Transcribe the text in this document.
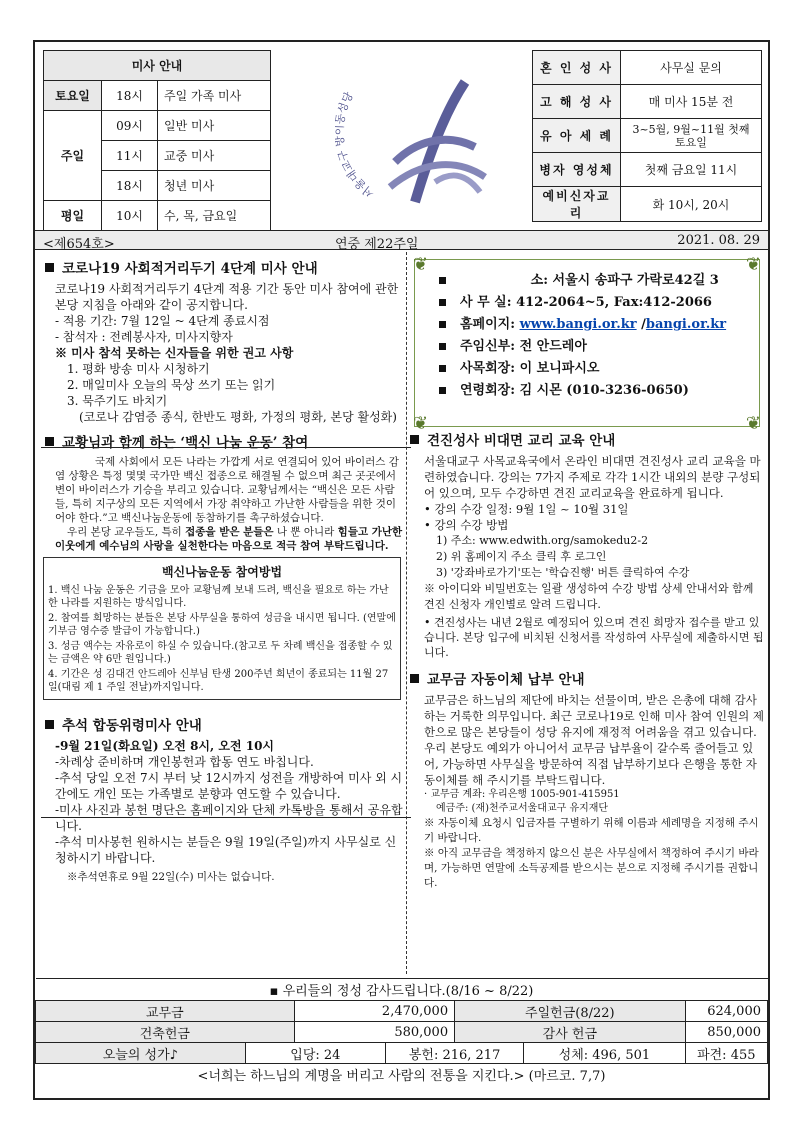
미사 안내		
토요일	18시	주일 가족 미사
주일	09시	일반 미사
	11시	교중 미사
	18시	청년 미사
평일	10시	수, 목, 금요일
서울대교구 성당
혼 인 성 사	사무실 문의
고 해 성 사	매 미사 15분 전
유 아 세 례	3~5월, 9월~11월 첫째 토요일
병자 영성체	첫째 금요일 11시
예비신자교리	화 10시, 20시
<제654호>	연중 제22주일	2021. 08. 29
코로나19 사회적거리두기 4단계 미사 안내

코로나19 사회적거리두기 4단계 적용 기간 동안 미사 참여에 관한 본당 지침을 아래와 같이 공지합니다.

- 적용 기간: 7월 12일 ~ 4단계 종료시점

- 참석자 : 전례봉사자, 미사지향자

※ 미사 참석 못하는 신자들을 위한 권고 사항

1. 평화 방송 미사 시청하기

2. 매일미사 오늘의 묵상 쓰기 또는 읽기

3. 묵주기도 바치기

(코로나 감염증 종식, 한반도 평화, 가정의 평화, 본당 활성화)

교황님과 함께 하는 ‘백신 나눔 운동’ 참여

국제 사회에서 모든 나라는 가깝게 서로 연결되어 있어 바이러스 감염 상황은 특정 몇몇 국가만 백신 접종으로 해결될 수 없으며 최근 곳곳에서 변이 바이러스가 기승을 부리고 있습니다. 교황님께서는 “백신은 모든 사람들, 특히 지구상의 모든 지역에서 가장 취약하고 가난한 사람들을 위한 것이어야 한다.”고 백신나눔운동에 동참하기를 촉구하셨습니다.

우리 본당 교우들도, 특히 접종을 받은 분들은 나 뿐 아니라 힘들고 가난한 이웃에게 예수님의 사랑을 실천한다는 마음으로 적극 참여 부탁드립니다.

백신나눔운동 참여방법
1. 백신 나눔 운동은 기금을 모아 교황님께 보내 드려, 백신을 필요로 하는 가난한 나라를 지원하는 방식입니다.
2. 참여를 희망하는 분들은 본당 사무실을 통하여 성금을 내시면 됩니다. (연말에 기부금 영수증 발급이 가능합니다.)
3. 성금 액수는 자유로이 하실 수 있습니다.(참고로 두 차례 백신을 접종할 수 있는 금액은 약 6만 원입니다.)
4. 기간은 성 김대건 안드레아 신부님 탄생 200주년 희년이 종료되는 11월 27일(대림 제 1 주일 전날)까지입니다.
추석 합동위령미사 안내

-9월 21일(화요일) 오전 8시, 오전 10시

-차례상 준비하며 개인봉헌과 합동 연도 바칩니다.

-추석 당일 오전 7시 부터 낮 12시까지 성전을 개방하여 미사 외 시간에도 개인 또는 가족별로 분향과 연도할 수 있습니다.

-미사 사진과 봉헌 명단은 홈페이지와 단체 카톡방을 통해서 공유합니다.

-추석 미사봉헌 원하시는 분들은 9월 19일(주일)까지 사무실로 신청하시기 바랍니다.

※추석연휴로 9월 22일(수) 미사는 없습니다.

❦	❦
❦	❦
소: 서울시 송파구 가락로42길 3
사 무 실: 412-2064~5, Fax:412-2066
홈페이지: www.bangi.or.kr /bangi.or.kr
주임신부: 전 안드레아
사목회장: 이 보니파시오
연령회장: 김 시몬 (010-3236-0650)
견진성사 비대면 교리 교육 안내

서울대교구 사목교육국에서 온라인 비대면 견진성사 교리 교육을 마련하였습니다. 강의는 7가지 주제로 각각 1시간 내외의 분량 구성되어 있으며, 모두 수강하면 견진 교리교육을 완료하게 됩니다.

• 강의 수강 일정: 9월 1일 ~ 10월 31일

• 강의 수강 방법

1) 주소: www.edwith.org/samokedu2-2

2) 위 홈페이지 주소 클릭 후 로그인

3) '강좌바로가기'또는 '학습진행' 버튼 클릭하여 수강

※ 아이디와 비밀번호는 일괄 생성하여 수강 방법 상세 안내서와 함께 견진 신청자 개인별로 알려 드립니다.

• 견진성사는 내년 2월로 예정되어 있으며 견진 희망자 접수를 받고 있습니다. 본당 입구에 비치된 신청서를 작성하여 사무실에 제출하시면 됩니다.

교무금 자동이체 납부 안내

교무금은 하느님의 제단에 바치는 선물이며, 받은 은총에 대해 감사하는 거룩한 의무입니다. 최근 코로나19로 인해 미사 참여 인원의 제한으로 많은 본당들이 성당 유지에 재정적 어려움을 겪고 있습니다. 우리 본당도 예외가 아니어서 교무금 납부율이 갈수록 줄어들고 있어, 가능하면 사무실을 방문하여 직접 납부하기보다 은행을 통한 자동이체를 해 주시기를 부탁드립니다.

· 교무금 계좌: 우리은행 1005-901-415951

예금주: (재)천주교서울대교구 유지재단

※ 자동이체 요청시 입금자를 구별하기 위해 이름과 세례명을 지정해 주시기 바랍니다.

※ 아직 교무금을 책정하지 않으신 분은 사무실에서 책정하여 주시기 바라며, 가능하면 연말에 소득공제를 받으시는 분으로 지정해 주시기를 권합니다.

▪ 우리들의 정성 감사드립니다.(8/16 ~ 8/22)						
교무금		2,470,000		주일헌금(8/22)		624,000
건축헌금		580,000		감사 헌금		850,000
오늘의 성가♪	입당: 24		봉헌: 216, 217		성체: 496, 501	파견: 455
<너희는 하느님의 계명을 버리고 사람의 전통을 지킨다.> (마르코. 7,7)						
